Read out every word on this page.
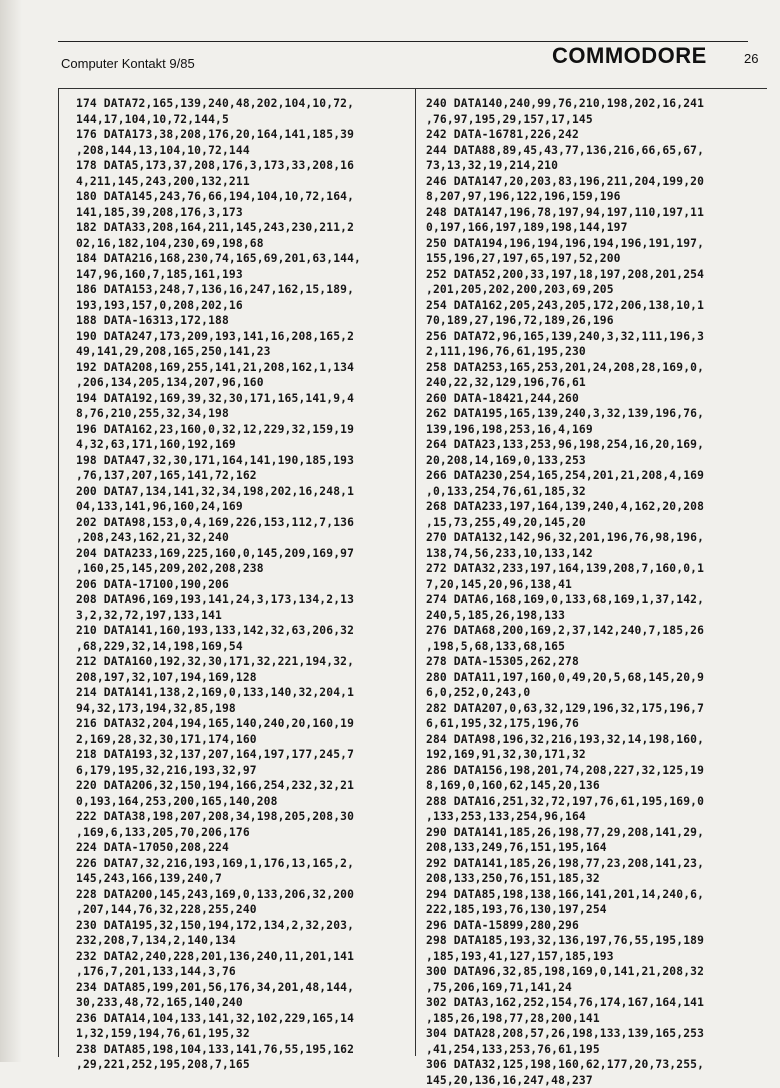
Computer Kontakt 9/85	COMMODORE	26
174 DATA72,165,139,240,48,202,104,10,72,
144,17,104,10,72,144,5
176 DATA173,38,208,176,20,164,141,185,39
,208,144,13,104,10,72,144
178 DATA5,173,37,208,176,3,173,33,208,16
4,211,145,243,200,132,211
180 DATA145,243,76,66,194,104,10,72,164,
141,185,39,208,176,3,173
182 DATA33,208,164,211,145,243,230,211,2
02,16,182,104,230,69,198,68
184 DATA216,168,230,74,165,69,201,63,144,
147,96,160,7,185,161,193
186 DATA153,248,7,136,16,247,162,15,189,
193,193,157,0,208,202,16
188 DATA-16313,172,188
190 DATA247,173,209,193,141,16,208,165,2
49,141,29,208,165,250,141,23
192 DATA208,169,255,141,21,208,162,1,134
,206,134,205,134,207,96,160
194 DATA192,169,39,32,30,171,165,141,9,4
8,76,210,255,32,34,198
196 DATA162,23,160,0,32,12,229,32,159,19
4,32,63,171,160,192,169
198 DATA47,32,30,171,164,141,190,185,193
,76,137,207,165,141,72,162
200 DATA7,134,141,32,34,198,202,16,248,1
04,133,141,96,160,24,169
202 DATA98,153,0,4,169,226,153,112,7,136
,208,243,162,21,32,240
204 DATA233,169,225,160,0,145,209,169,97
,160,25,145,209,202,208,238
206 DATA-17100,190,206
208 DATA96,169,193,141,24,3,173,134,2,13
3,2,32,72,197,133,141
210 DATA141,160,193,133,142,32,63,206,32
,68,229,32,14,198,169,54
212 DATA160,192,32,30,171,32,221,194,32,
208,197,32,107,194,169,128
214 DATA141,138,2,169,0,133,140,32,204,1
94,32,173,194,32,85,198
216 DATA32,204,194,165,140,240,20,160,19
2,169,28,32,30,171,174,160
218 DATA193,32,137,207,164,197,177,245,7
6,179,195,32,216,193,32,97
220 DATA206,32,150,194,166,254,232,32,21
0,193,164,253,200,165,140,208
222 DATA38,198,207,208,34,198,205,208,30
,169,6,133,205,70,206,176
224 DATA-17050,208,224
226 DATA7,32,216,193,169,1,176,13,165,2,
145,243,166,139,240,7
228 DATA200,145,243,169,0,133,206,32,200
,207,144,76,32,228,255,240
230 DATA195,32,150,194,172,134,2,32,203,
232,208,7,134,2,140,134
232 DATA2,240,228,201,136,240,11,201,141
,176,7,201,133,144,3,76
234 DATA85,199,201,56,176,34,201,48,144,
30,233,48,72,165,140,240
236 DATA14,104,133,141,32,102,229,165,14
1,32,159,194,76,61,195,32
238 DATA85,198,104,133,141,76,55,195,162
,29,221,252,195,208,7,165
240 DATA140,240,99,76,210,198,202,16,241
,76,97,195,29,157,17,145
242 DATA-16781,226,242
244 DATA88,89,45,43,77,136,216,66,65,67,
73,13,32,19,214,210
246 DATA147,20,203,83,196,211,204,199,20
8,207,97,196,122,196,159,196
248 DATA147,196,78,197,94,197,110,197,11
0,197,166,197,189,198,144,197
250 DATA194,196,194,196,194,196,191,197,
155,196,27,197,65,197,52,200
252 DATA52,200,33,197,18,197,208,201,254
,201,205,202,200,203,69,205
254 DATA162,205,243,205,172,206,138,10,1
70,189,27,196,72,189,26,196
256 DATA72,96,165,139,240,3,32,111,196,3
2,111,196,76,61,195,230
258 DATA253,165,253,201,24,208,28,169,0,
240,22,32,129,196,76,61
260 DATA-18421,244,260
262 DATA195,165,139,240,3,32,139,196,76,
139,196,198,253,16,4,169
264 DATA23,133,253,96,198,254,16,20,169,
20,208,14,169,0,133,253
266 DATA230,254,165,254,201,21,208,4,169
,0,133,254,76,61,185,32
268 DATA233,197,164,139,240,4,162,20,208
,15,73,255,49,20,145,20
270 DATA132,142,96,32,201,196,76,98,196,
138,74,56,233,10,133,142
272 DATA32,233,197,164,139,208,7,160,0,1
7,20,145,20,96,138,41
274 DATA6,168,169,0,133,68,169,1,37,142,
240,5,185,26,198,133
276 DATA68,200,169,2,37,142,240,7,185,26
,198,5,68,133,68,165
278 DATA-15305,262,278
280 DATA11,197,160,0,49,20,5,68,145,20,9
6,0,252,0,243,0
282 DATA207,0,63,32,129,196,32,175,196,7
6,61,195,32,175,196,76
284 DATA98,196,32,216,193,32,14,198,160,
192,169,91,32,30,171,32
286 DATA156,198,201,74,208,227,32,125,19
8,169,0,160,62,145,20,136
288 DATA16,251,32,72,197,76,61,195,169,0
,133,253,133,254,96,164
290 DATA141,185,26,198,77,29,208,141,29,
208,133,249,76,151,195,164
292 DATA141,185,26,198,77,23,208,141,23,
208,133,250,76,151,185,32
294 DATA85,198,138,166,141,201,14,240,6,
222,185,193,76,130,197,254
296 DATA-15899,280,296
298 DATA185,193,32,136,197,76,55,195,189
,185,193,41,127,157,185,193
300 DATA96,32,85,198,169,0,141,21,208,32
,75,206,169,71,141,24
302 DATA3,162,252,154,76,174,167,164,141
,185,26,198,77,28,200,141
304 DATA28,208,57,26,198,133,139,165,253
,41,254,133,253,76,61,195
306 DATA32,125,198,160,62,177,20,73,255,
145,20,136,16,247,48,237
